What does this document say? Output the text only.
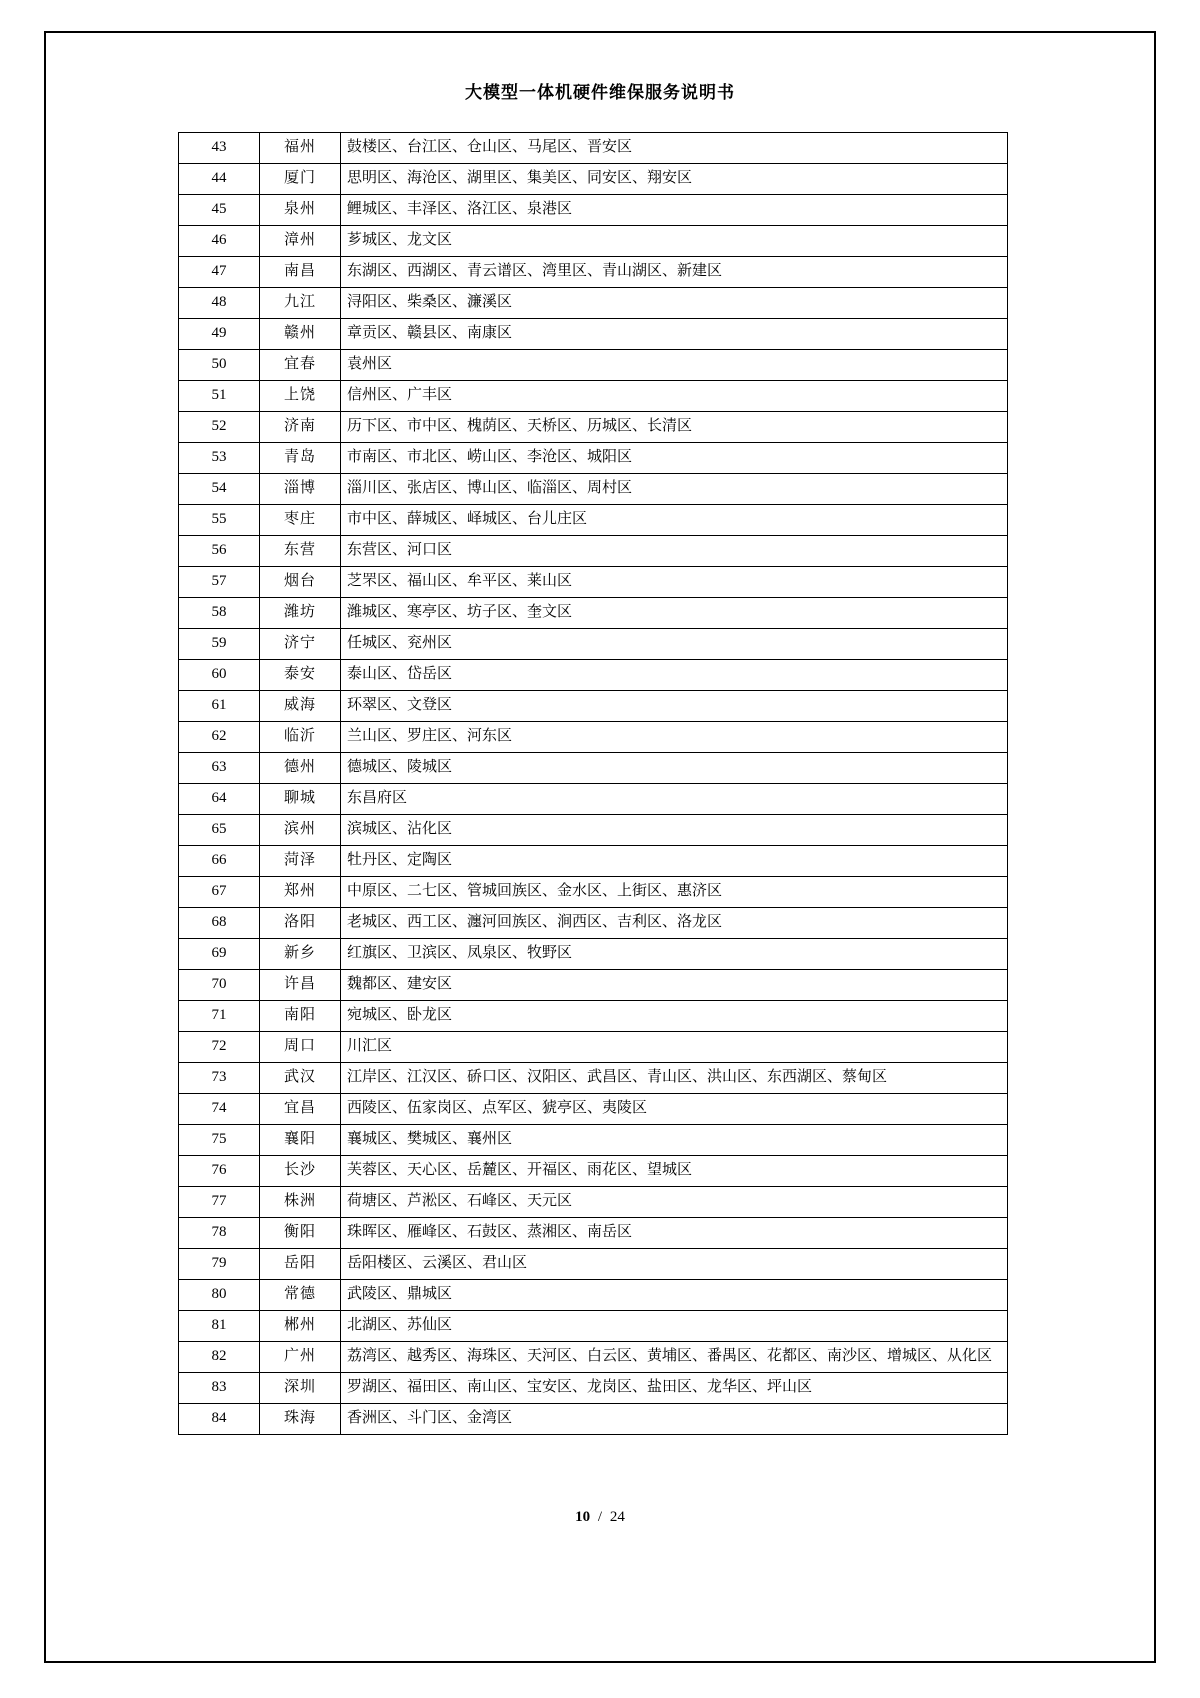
大模型一体机硬件维保服务说明书
43	福州	鼓楼区、台江区、仓山区、马尾区、晋安区
44	厦门	思明区、海沧区、湖里区、集美区、同安区、翔安区
45	泉州	鲤城区、丰泽区、洛江区、泉港区
46	漳州	芗城区、龙文区
47	南昌	东湖区、西湖区、青云谱区、湾里区、青山湖区、新建区
48	九江	浔阳区、柴桑区、濂溪区
49	赣州	章贡区、赣县区、南康区
50	宜春	袁州区
51	上饶	信州区、广丰区
52	济南	历下区、市中区、槐荫区、天桥区、历城区、长清区
53	青岛	市南区、市北区、崂山区、李沧区、城阳区
54	淄博	淄川区、张店区、博山区、临淄区、周村区
55	枣庄	市中区、薛城区、峄城区、台儿庄区
56	东营	东营区、河口区
57	烟台	芝罘区、福山区、牟平区、莱山区
58	潍坊	潍城区、寒亭区、坊子区、奎文区
59	济宁	任城区、兖州区
60	泰安	泰山区、岱岳区
61	威海	环翠区、文登区
62	临沂	兰山区、罗庄区、河东区
63	德州	德城区、陵城区
64	聊城	东昌府区
65	滨州	滨城区、沾化区
66	菏泽	牡丹区、定陶区
67	郑州	中原区、二七区、管城回族区、金水区、上街区、惠济区
68	洛阳	老城区、西工区、瀍河回族区、涧西区、吉利区、洛龙区
69	新乡	红旗区、卫滨区、凤泉区、牧野区
70	许昌	魏都区、建安区
71	南阳	宛城区、卧龙区
72	周口	川汇区
73	武汉	江岸区、江汉区、硚口区、汉阳区、武昌区、青山区、洪山区、东西湖区、蔡甸区
74	宜昌	西陵区、伍家岗区、点军区、猇亭区、夷陵区
75	襄阳	襄城区、樊城区、襄州区
76	长沙	芙蓉区、天心区、岳麓区、开福区、雨花区、望城区
77	株洲	荷塘区、芦淞区、石峰区、天元区
78	衡阳	珠晖区、雁峰区、石鼓区、蒸湘区、南岳区
79	岳阳	岳阳楼区、云溪区、君山区
80	常德	武陵区、鼎城区
81	郴州	北湖区、苏仙区
82	广州	荔湾区、越秀区、海珠区、天河区、白云区、黄埔区、番禺区、花都区、南沙区、增城区、从化区
83	深圳	罗湖区、福田区、南山区、宝安区、龙岗区、盐田区、龙华区、坪山区
84	珠海	香洲区、斗门区、金湾区
10 / 24
